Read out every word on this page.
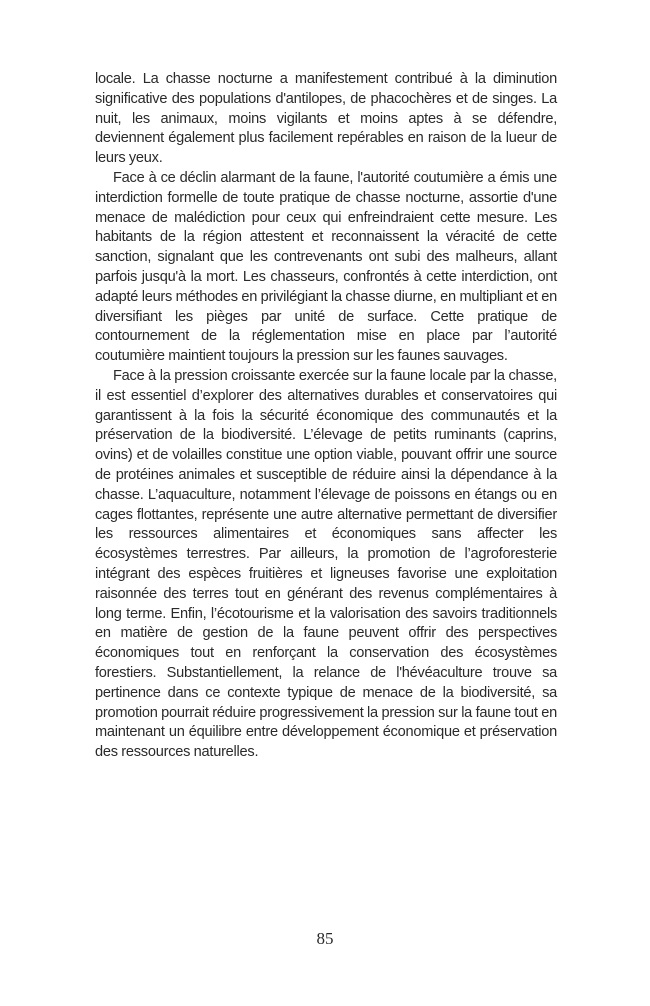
locale. La chasse nocturne a manifestement contribué à la diminution significative des populations d'antilopes, de phacochères et de singes. La nuit, les animaux, moins vigilants et moins aptes à se défendre, deviennent également plus facilement repérables en raison de la lueur de leurs yeux.

Face à ce déclin alarmant de la faune, l'autorité coutumière a émis une interdiction formelle de toute pratique de chasse nocturne, assortie d'une menace de malédiction pour ceux qui enfreindraient cette mesure. Les habitants de la région attestent et reconnaissent la véracité de cette sanction, signalant que les contrevenants ont subi des malheurs, allant parfois jusqu'à la mort. Les chasseurs, confrontés à cette interdiction, ont adapté leurs méthodes en privilégiant la chasse diurne, en multipliant et en diversifiant les pièges par unité de surface. Cette pratique de contournement de la réglementation mise en place par l’autorité coutumière maintient toujours la pression sur les faunes sauvages.

Face à la pression croissante exercée sur la faune locale par la chasse, il est essentiel d’explorer des alternatives durables et conservatoires qui garantissent à la fois la sécurité économique des communautés et la préservation de la biodiversité. L’élevage de petits ruminants (caprins, ovins) et de volailles constitue une option viable, pouvant offrir une source de protéines animales et susceptible de réduire ainsi la dépendance à la chasse. L’aquaculture, notamment l’élevage de poissons en étangs ou en cages flottantes, représente une autre alternative permettant de diversifier les ressources alimentaires et économiques sans affecter les écosystèmes terrestres. Par ailleurs, la promotion de l’agroforesterie intégrant des espèces fruitières et ligneuses favorise une exploitation raisonnée des terres tout en générant des revenus complémentaires à long terme. Enfin, l’écotourisme et la valorisation des savoirs traditionnels en matière de gestion de la faune peuvent offrir des perspectives économiques tout en renforçant la conservation des écosystèmes forestiers. Substantiellement, la relance de l'hévéaculture trouve sa pertinence dans ce contexte typique de menace de la biodiversité, sa promotion pourrait réduire progressivement la pression sur la faune tout en maintenant un équilibre entre développement économique et préservation des ressources naturelles.

85
